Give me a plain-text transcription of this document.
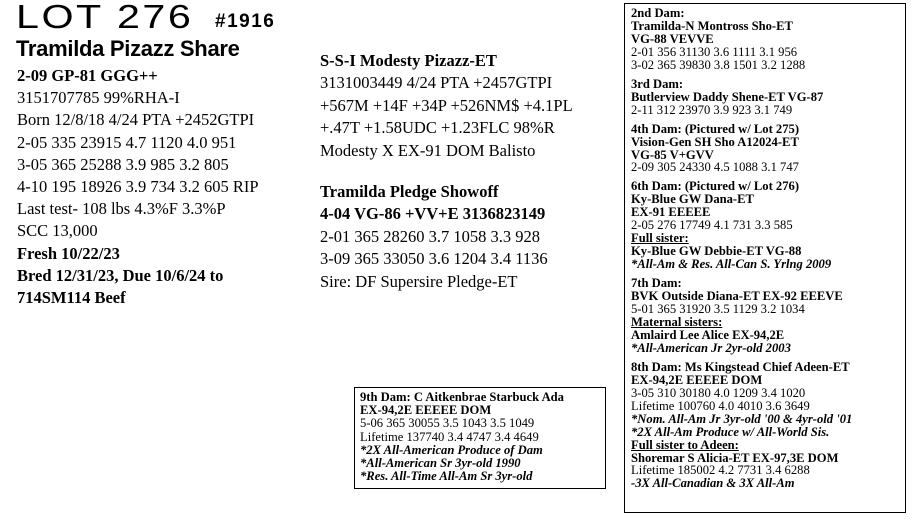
LOT 276 #1916
Tramilda Pizazz Share
2-09 GP-81 GGG++
3151707785 99%RHA-I
Born 12/8/18 4/24 PTA +2452GTPI
2-05 335 23915 4.7 1120 4.0 951
3-05 365 25288 3.9 985 3.2 805
4-10 195 18926 3.9 734 3.2 605 RIP
Last test- 108 lbs 4.3%F 3.3%P
SCC 13,000
Fresh 10/22/23
Bred 12/31/23, Due 10/6/24 to
714SM114 Beef
S-S-I Modesty Pizazz-ET
3131003449 4/24 PTA +2457GTPI
+567M +14F +34P +526NM$ +4.1PL
+.47T +1.58UDC +1.23FLC 98%R
Modesty X EX-91 DOM Balisto
Tramilda Pledge Showoff
4-04 VG-86 +VV+E 3136823149
2-01 365 28260 3.7 1058 3.3 928
3-09 365 33050 3.6 1204 3.4 1136
Sire: DF Supersire Pledge-ET
2nd Dam:
Tramilda-N Montross Sho-ET
VG-88 VEVVE
2-01 356 31130 3.6 1111 3.1 956
3-02 365 39830 3.8 1501 3.2 1288
3rd Dam:
Butlerview Daddy Shene-ET VG-87
2-11 312 23970 3.9 923 3.1 749
4th Dam: (Pictured w/ Lot 275)
Vision-Gen SH Sho A12024-ET
VG-85 V+GVV
2-09 305 24330 4.5 1088 3.1 747
6th Dam: (Pictured w/ Lot 276)
Ky-Blue GW Dana-ET
EX-91 EEEEE
2-05 276 17749 4.1 731 3.3 585
Full sister:
Ky-Blue GW Debbie-ET VG-88
*All-Am & Res. All-Can S. Yrlng 2009
7th Dam:
BVK Outside Diana-ET EX-92 EEEVE
5-01 365 31920 3.5 1129 3.2 1034
Maternal sisters:
Amlaird Lee Alice EX-94,2E
*All-American Jr 2yr-old 2003
8th Dam: Ms Kingstead Chief Adeen-ET
EX-94,2E EEEEE DOM
3-05 310 30180 4.0 1209 3.4 1020
Lifetime 100760 4.0 4010 3.6 3649
*Nom. All-Am Jr 3yr-old '00 & 4yr-old '01
*2X All-Am Produce w/ All-World Sis.
Full sister to Adeen:
Shoremar S Alicia-ET EX-97,3E DOM
Lifetime 185002 4.2 7731 3.4 6288
-3X All-Canadian & 3X All-Am
9th Dam: C Aitkenbrae Starbuck Ada
EX-94,2E EEEEE DOM
5-06 365 30055 3.5 1043 3.5 1049
Lifetime 137740 3.4 4747 3.4 4649
*2X All-American Produce of Dam
*All-American Sr 3yr-old 1990
*Res. All-Time All-Am Sr 3yr-old
